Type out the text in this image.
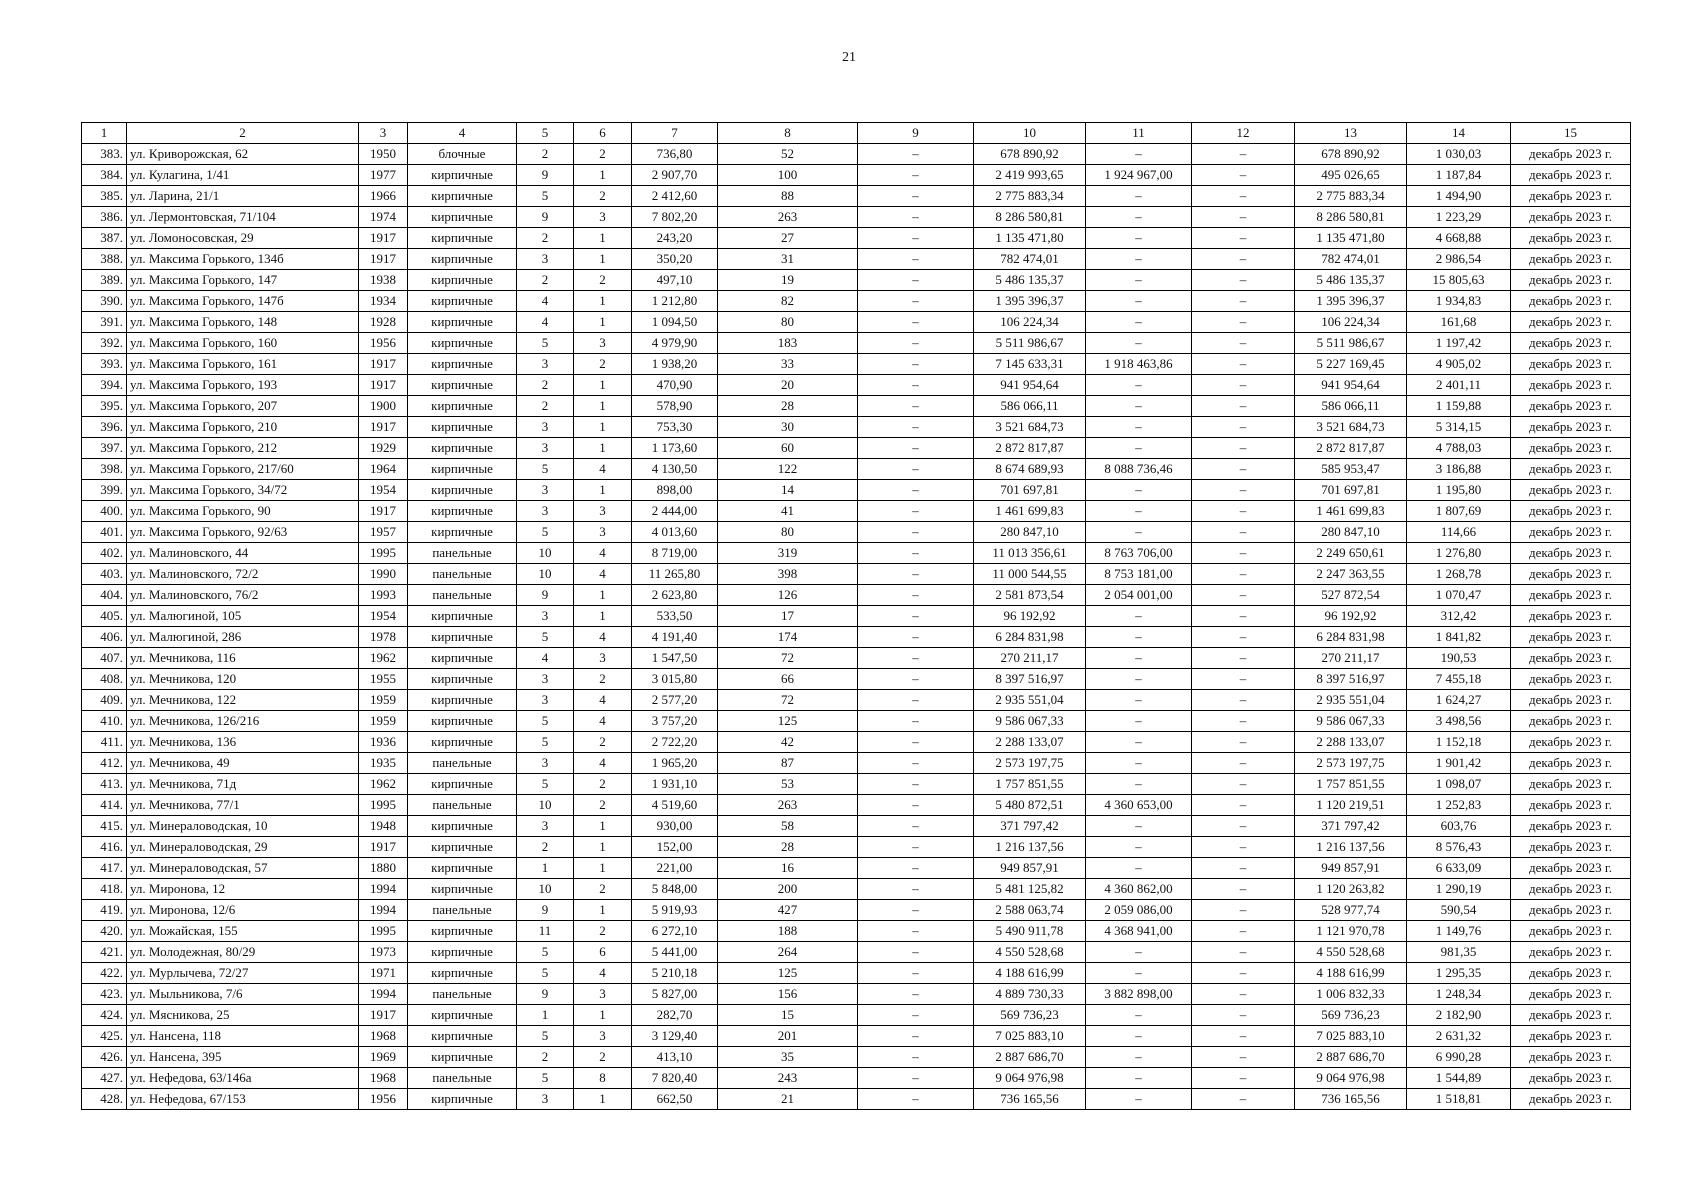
21
1	2	3	4	5	6	7	8	9	10	11	12	13	14	15
383.	ул. Криворожская, 62	1950	блочные	2	2	736,80	52	–	678 890,92	–	–	678 890,92	1 030,03	декабрь 2023 г.
384.	ул. Кулагина, 1/41	1977	кирпичные	9	1	2 907,70	100	–	2 419 993,65	1 924 967,00	–	495 026,65	1 187,84	декабрь 2023 г.
385.	ул. Ларина, 21/1	1966	кирпичные	5	2	2 412,60	88	–	2 775 883,34	–	–	2 775 883,34	1 494,90	декабрь 2023 г.
386.	ул. Лермонтовская, 71/104	1974	кирпичные	9	3	7 802,20	263	–	8 286 580,81	–	–	8 286 580,81	1 223,29	декабрь 2023 г.
387.	ул. Ломоносовская, 29	1917	кирпичные	2	1	243,20	27	–	1 135 471,80	–	–	1 135 471,80	4 668,88	декабрь 2023 г.
388.	ул. Максима Горького, 134б	1917	кирпичные	3	1	350,20	31	–	782 474,01	–	–	782 474,01	2 986,54	декабрь 2023 г.
389.	ул. Максима Горького, 147	1938	кирпичные	2	2	497,10	19	–	5 486 135,37	–	–	5 486 135,37	15 805,63	декабрь 2023 г.
390.	ул. Максима Горького, 147б	1934	кирпичные	4	1	1 212,80	82	–	1 395 396,37	–	–	1 395 396,37	1 934,83	декабрь 2023 г.
391.	ул. Максима Горького, 148	1928	кирпичные	4	1	1 094,50	80	–	106 224,34	–	–	106 224,34	161,68	декабрь 2023 г.
392.	ул. Максима Горького, 160	1956	кирпичные	5	3	4 979,90	183	–	5 511 986,67	–	–	5 511 986,67	1 197,42	декабрь 2023 г.
393.	ул. Максима Горького, 161	1917	кирпичные	3	2	1 938,20	33	–	7 145 633,31	1 918 463,86	–	5 227 169,45	4 905,02	декабрь 2023 г.
394.	ул. Максима Горького, 193	1917	кирпичные	2	1	470,90	20	–	941 954,64	–	–	941 954,64	2 401,11	декабрь 2023 г.
395.	ул. Максима Горького, 207	1900	кирпичные	2	1	578,90	28	–	586 066,11	–	–	586 066,11	1 159,88	декабрь 2023 г.
396.	ул. Максима Горького, 210	1917	кирпичные	3	1	753,30	30	–	3 521 684,73	–	–	3 521 684,73	5 314,15	декабрь 2023 г.
397.	ул. Максима Горького, 212	1929	кирпичные	3	1	1 173,60	60	–	2 872 817,87	–	–	2 872 817,87	4 788,03	декабрь 2023 г.
398.	ул. Максима Горького, 217/60	1964	кирпичные	5	4	4 130,50	122	–	8 674 689,93	8 088 736,46	–	585 953,47	3 186,88	декабрь 2023 г.
399.	ул. Максима Горького, 34/72	1954	кирпичные	3	1	898,00	14	–	701 697,81	–	–	701 697,81	1 195,80	декабрь 2023 г.
400.	ул. Максима Горького, 90	1917	кирпичные	3	3	2 444,00	41	–	1 461 699,83	–	–	1 461 699,83	1 807,69	декабрь 2023 г.
401.	ул. Максима Горького, 92/63	1957	кирпичные	5	3	4 013,60	80	–	280 847,10	–	–	280 847,10	114,66	декабрь 2023 г.
402.	ул. Малиновского, 44	1995	панельные	10	4	8 719,00	319	–	11 013 356,61	8 763 706,00	–	2 249 650,61	1 276,80	декабрь 2023 г.
403.	ул. Малиновского, 72/2	1990	панельные	10	4	11 265,80	398	–	11 000 544,55	8 753 181,00	–	2 247 363,55	1 268,78	декабрь 2023 г.
404.	ул. Малиновского, 76/2	1993	панельные	9	1	2 623,80	126	–	2 581 873,54	2 054 001,00	–	527 872,54	1 070,47	декабрь 2023 г.
405.	ул. Малюгиной, 105	1954	кирпичные	3	1	533,50	17	–	96 192,92	–	–	96 192,92	312,42	декабрь 2023 г.
406.	ул. Малюгиной, 286	1978	кирпичные	5	4	4 191,40	174	–	6 284 831,98	–	–	6 284 831,98	1 841,82	декабрь 2023 г.
407.	ул. Мечникова, 116	1962	кирпичные	4	3	1 547,50	72	–	270 211,17	–	–	270 211,17	190,53	декабрь 2023 г.
408.	ул. Мечникова, 120	1955	кирпичные	3	2	3 015,80	66	–	8 397 516,97	–	–	8 397 516,97	7 455,18	декабрь 2023 г.
409.	ул. Мечникова, 122	1959	кирпичные	3	4	2 577,20	72	–	2 935 551,04	–	–	2 935 551,04	1 624,27	декабрь 2023 г.
410.	ул. Мечникова, 126/216	1959	кирпичные	5	4	3 757,20	125	–	9 586 067,33	–	–	9 586 067,33	3 498,56	декабрь 2023 г.
411.	ул. Мечникова, 136	1936	кирпичные	5	2	2 722,20	42	–	2 288 133,07	–	–	2 288 133,07	1 152,18	декабрь 2023 г.
412.	ул. Мечникова, 49	1935	панельные	3	4	1 965,20	87	–	2 573 197,75	–	–	2 573 197,75	1 901,42	декабрь 2023 г.
413.	ул. Мечникова, 71д	1962	кирпичные	5	2	1 931,10	53	–	1 757 851,55	–	–	1 757 851,55	1 098,07	декабрь 2023 г.
414.	ул. Мечникова, 77/1	1995	панельные	10	2	4 519,60	263	–	5 480 872,51	4 360 653,00	–	1 120 219,51	1 252,83	декабрь 2023 г.
415.	ул. Минераловодская, 10	1948	кирпичные	3	1	930,00	58	–	371 797,42	–	–	371 797,42	603,76	декабрь 2023 г.
416.	ул. Минераловодская, 29	1917	кирпичные	2	1	152,00	28	–	1 216 137,56	–	–	1 216 137,56	8 576,43	декабрь 2023 г.
417.	ул. Минераловодская, 57	1880	кирпичные	1	1	221,00	16	–	949 857,91	–	–	949 857,91	6 633,09	декабрь 2023 г.
418.	ул. Миронова, 12	1994	кирпичные	10	2	5 848,00	200	–	5 481 125,82	4 360 862,00	–	1 120 263,82	1 290,19	декабрь 2023 г.
419.	ул. Миронова, 12/6	1994	панельные	9	1	5 919,93	427	–	2 588 063,74	2 059 086,00	–	528 977,74	590,54	декабрь 2023 г.
420.	ул. Можайская, 155	1995	кирпичные	11	2	6 272,10	188	–	5 490 911,78	4 368 941,00	–	1 121 970,78	1 149,76	декабрь 2023 г.
421.	ул. Молодежная, 80/29	1973	кирпичные	5	6	5 441,00	264	–	4 550 528,68	–	–	4 550 528,68	981,35	декабрь 2023 г.
422.	ул. Мурлычева, 72/27	1971	кирпичные	5	4	5 210,18	125	–	4 188 616,99	–	–	4 188 616,99	1 295,35	декабрь 2023 г.
423.	ул. Мыльникова, 7/6	1994	панельные	9	3	5 827,00	156	–	4 889 730,33	3 882 898,00	–	1 006 832,33	1 248,34	декабрь 2023 г.
424.	ул. Мясникова, 25	1917	кирпичные	1	1	282,70	15	–	569 736,23	–	–	569 736,23	2 182,90	декабрь 2023 г.
425.	ул. Нансена, 118	1968	кирпичные	5	3	3 129,40	201	–	7 025 883,10	–	–	7 025 883,10	2 631,32	декабрь 2023 г.
426.	ул. Нансена, 395	1969	кирпичные	2	2	413,10	35	–	2 887 686,70	–	–	2 887 686,70	6 990,28	декабрь 2023 г.
427.	ул. Нефедова, 63/146а	1968	панельные	5	8	7 820,40	243	–	9 064 976,98	–	–	9 064 976,98	1 544,89	декабрь 2023 г.
428.	ул. Нефедова, 67/153	1956	кирпичные	3	1	662,50	21	–	736 165,56	–	–	736 165,56	1 518,81	декабрь 2023 г.
